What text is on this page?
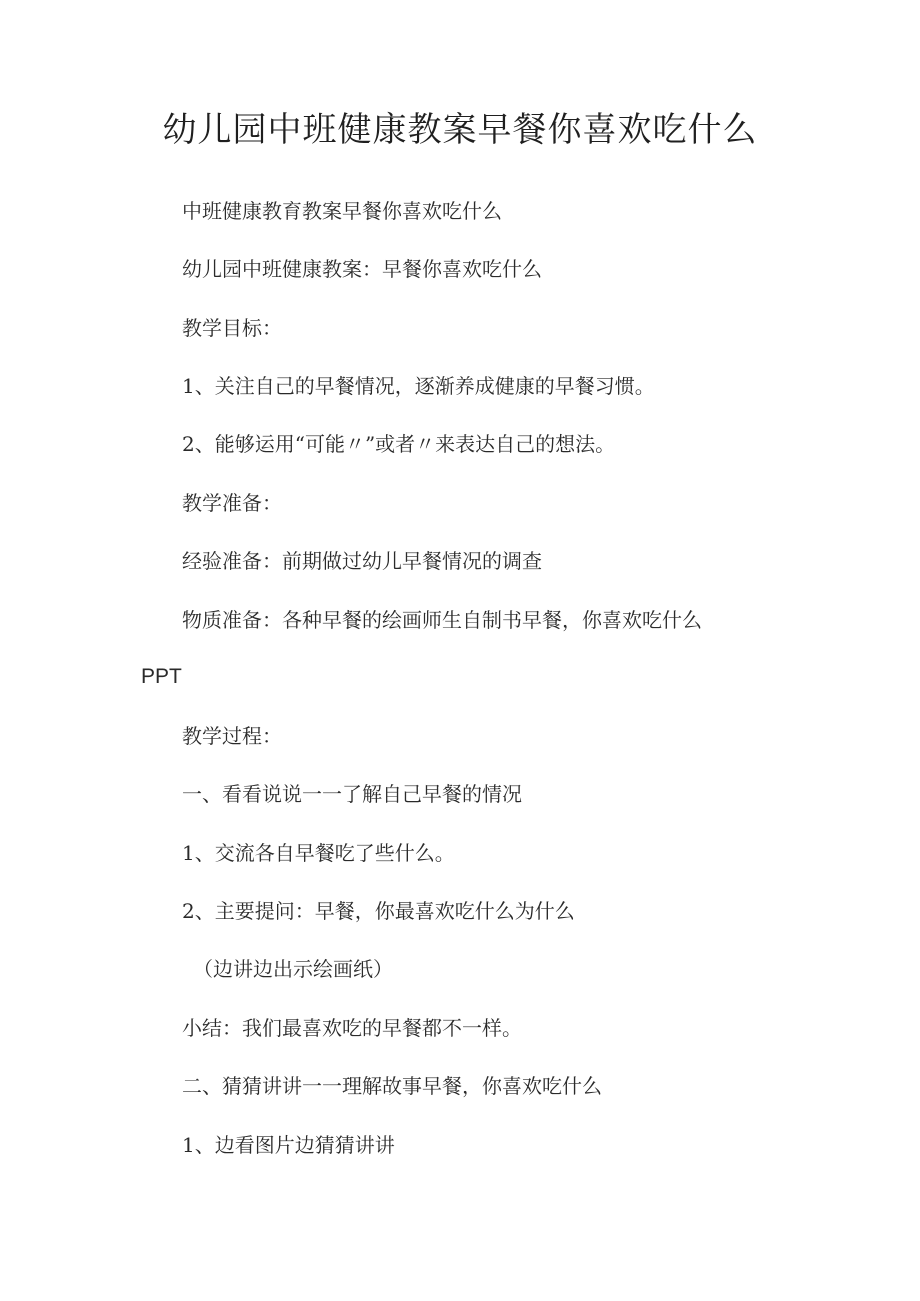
幼儿园中班健康教案早餐你喜欢吃什么

中班健康教育教案早餐你喜欢吃什么

幼儿园中班健康教案：早餐你喜欢吃什么

教学目标：

1、关注自己的早餐情况，逐渐养成健康的早餐习惯。

2、能够运用“可能〃”或者〃来表达自己的想法。

教学准备：

经验准备：前期做过幼儿早餐情况的调查

物质准备：各种早餐的绘画师生自制书早餐，你喜欢吃什么

PPT

教学过程：

一、看看说说一一了解自己早餐的情况

1、交流各自早餐吃了些什么。

2、主要提问：早餐，你最喜欢吃什么为什么

（边讲边出示绘画纸）

小结：我们最喜欢吃的早餐都不一样。

二、猜猜讲讲一一理解故事早餐，你喜欢吃什么

1、边看图片边猜猜讲讲
